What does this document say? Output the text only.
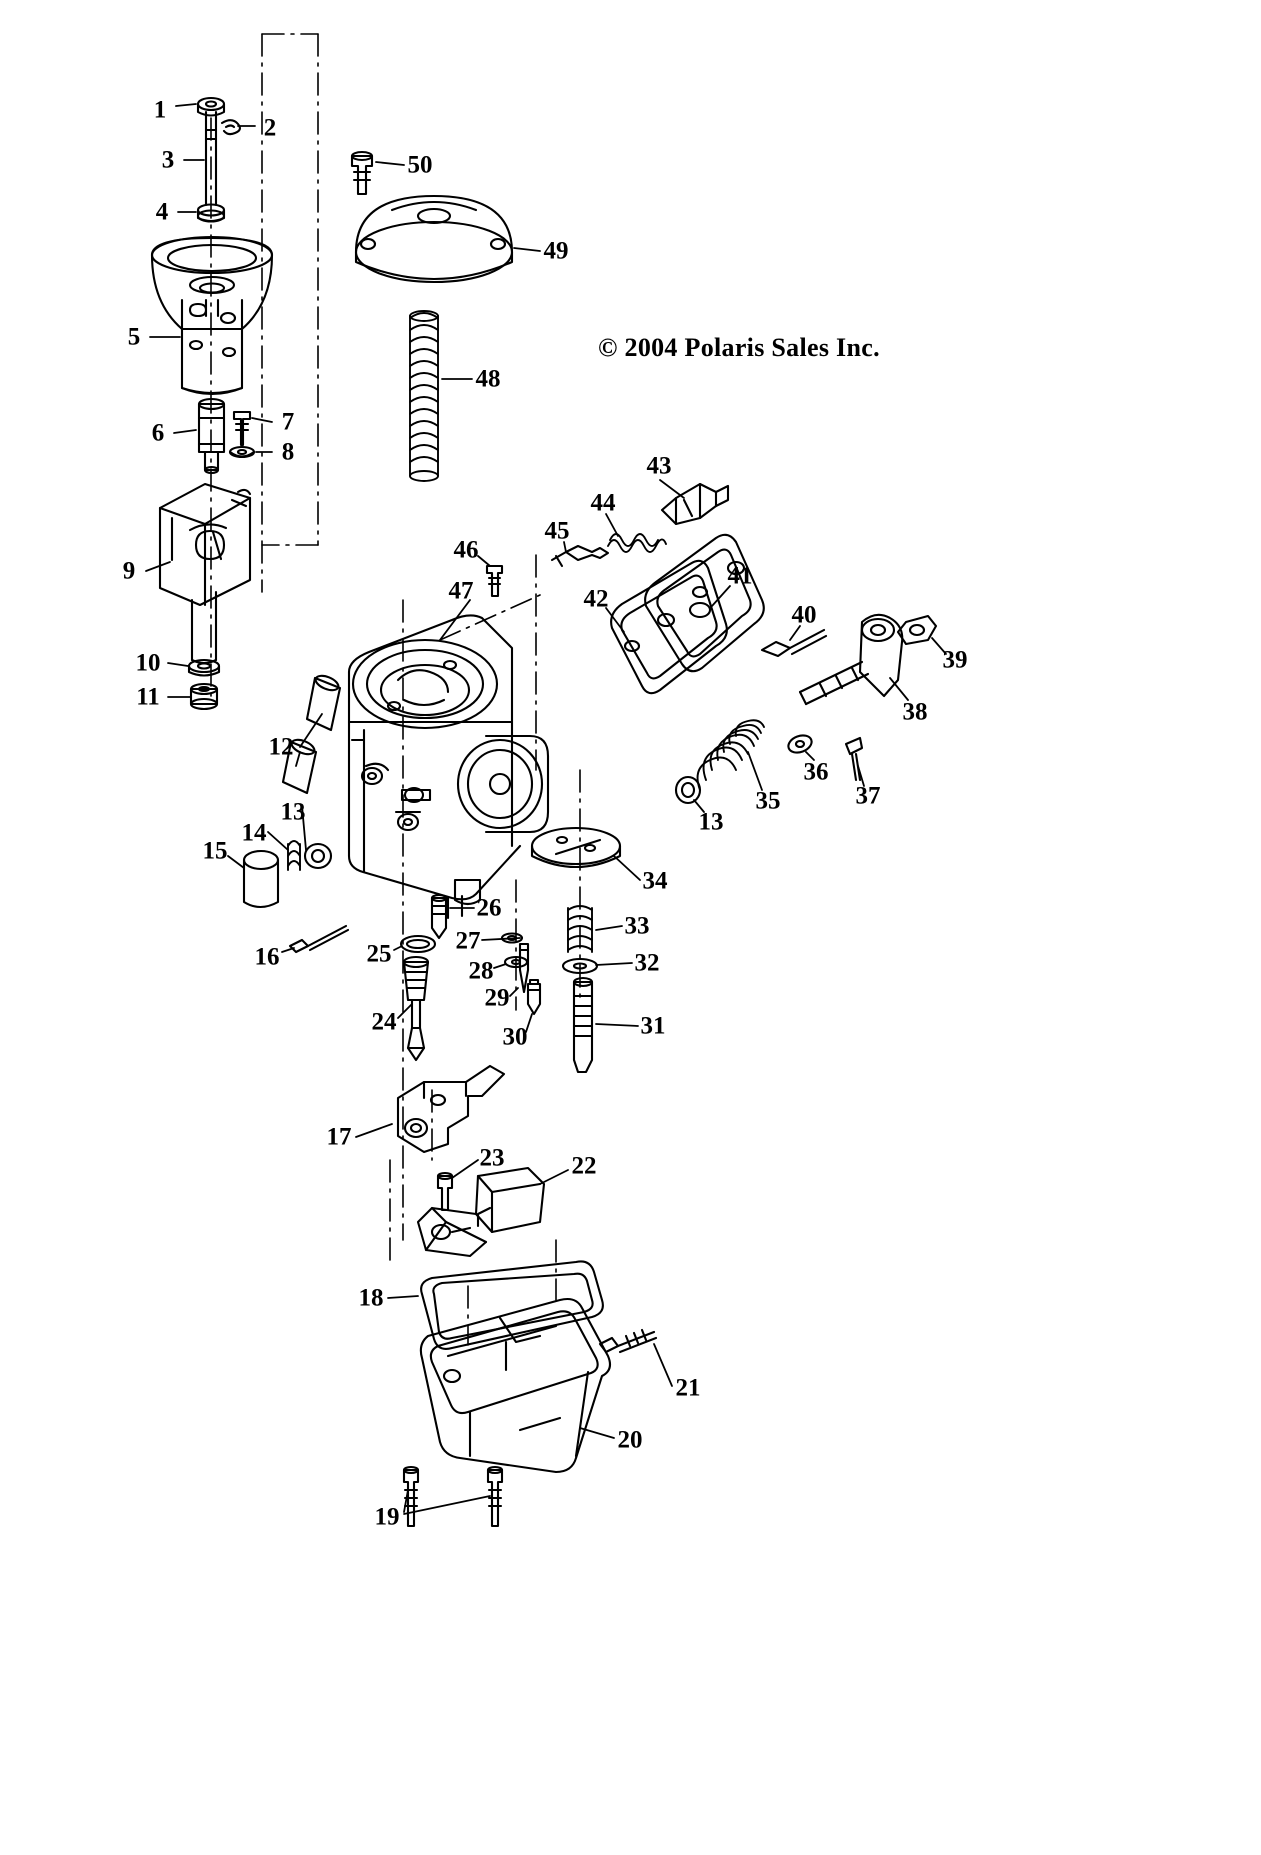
© 2004 Polaris Sales Inc.
1
2
3
4
5
6	7
8
9
10
11
12
13
14
15
16
17
18
19
20
21
22
23
24
25
26
27
28
29
30	31
32
33
34
35
36
37
38
39
40
41
42
43
44
45
46
47
48
49
50
13
